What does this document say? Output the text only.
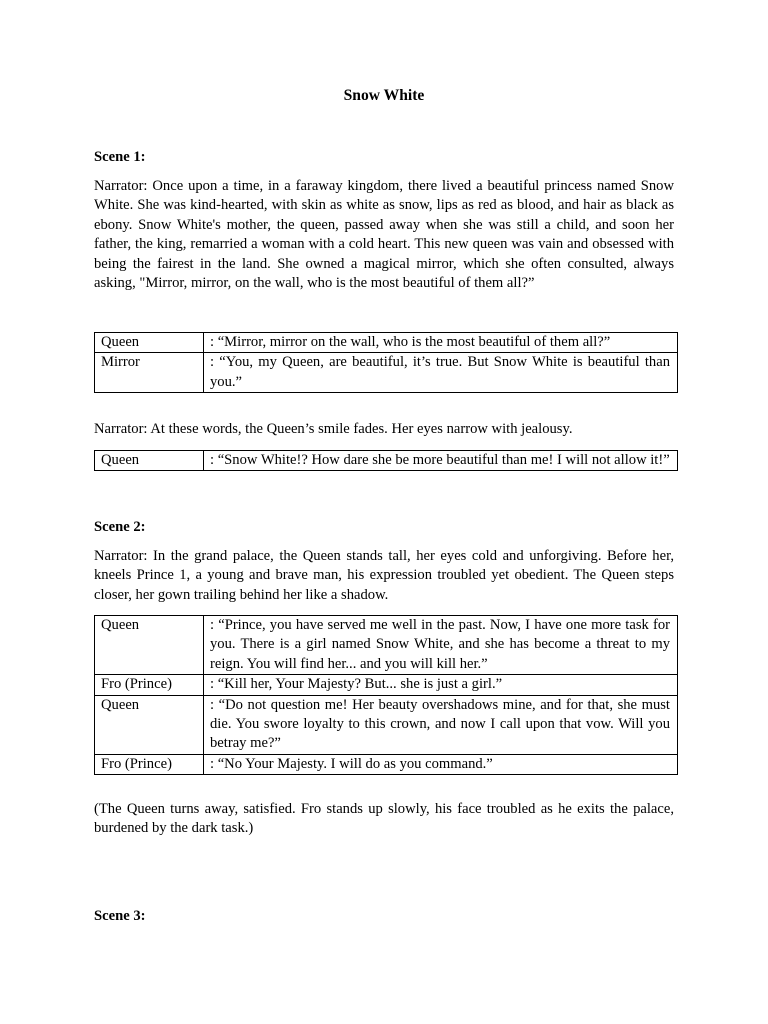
Snow White
Scene 1:

Narrator: Once upon a time, in a faraway kingdom, there lived a beautiful princess named Snow White. She was kind-hearted, with skin as white as snow, lips as red as blood, and hair as black as ebony. Snow White's mother, the queen, passed away when she was still a child, and soon her father, the king, remarried a woman with a cold heart. This new queen was vain and obsessed with being the fairest in the land. She owned a magical mirror, which she often consulted, always asking, "Mirror, mirror, on the wall, who is the most beautiful of them all?”

Queen	: “Mirror, mirror on the wall, who is the most beautiful of them all?”
Mirror	: “You, my Queen, are beautiful, it’s true. But Snow White is beautiful than you.”

Narrator: At these words, the Queen’s smile fades. Her eyes narrow with jealousy.

Queen	: “Snow White!? How dare she be more beautiful than me! I will not allow it!”
Scene 2:

Narrator: In the grand palace, the Queen stands tall, her eyes cold and unforgiving. Before her, kneels Prince 1, a young and brave man, his expression troubled yet obedient. The Queen steps closer, her gown trailing behind her like a shadow.

Queen	: “Prince, you have served me well in the past. Now, I have one more task for you. There is a girl named Snow White, and she has become a threat to my reign. You will find her... and you will kill her.”
Fro (Prince)	: “Kill her, Your Majesty? But... she is just a girl.”
Queen	: “Do not question me! Her beauty overshadows mine, and for that, she must die. You swore loyalty to this crown, and now I call upon that vow. Will you betray me?”
Fro (Prince)	: “No Your Majesty. I will do as you command.”

(The Queen turns away, satisfied. Fro stands up slowly, his face troubled as he exits the palace, burdened by the dark task.)

Scene 3:
